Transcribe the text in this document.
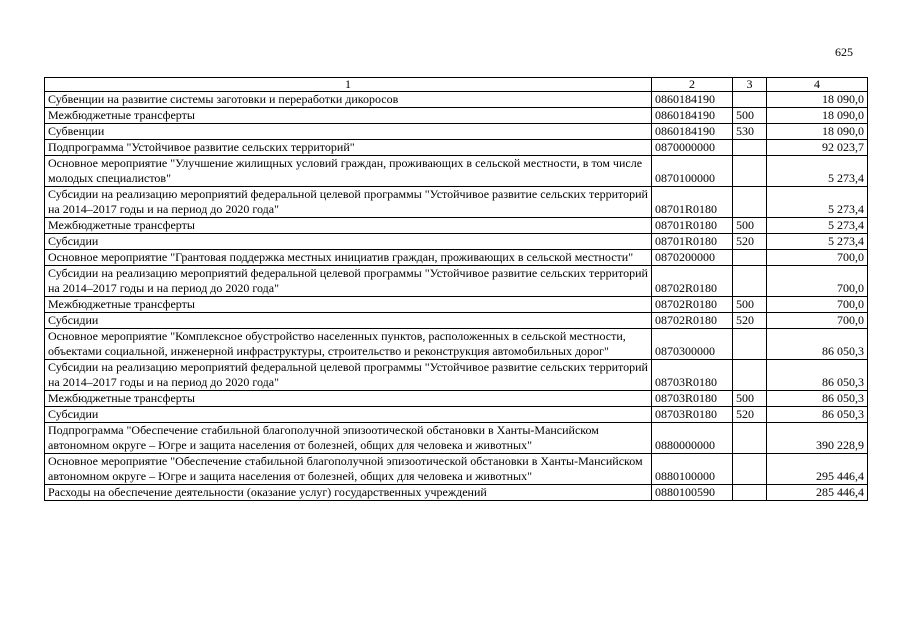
625
1	2	3	4
Субвенции на развитие системы заготовки и переработки дикоросов	0860184190		18 090,0
Межбюджетные трансферты	0860184190	500	18 090,0
Субвенции	0860184190	530	18 090,0
Подпрограмма "Устойчивое развитие сельских территорий"	0870000000		92 023,7
Основное мероприятие "Улучшение жилищных условий граждан, проживающих в сельской местности, в том числе молодых специалистов"	0870100000		5 273,4
Субсидии на реализацию мероприятий федеральной целевой программы "Устойчивое развитие сельских территорий на 2014–2017 годы и на период до 2020 года"	08701R0180		5 273,4
Межбюджетные трансферты	08701R0180	500	5 273,4
Субсидии	08701R0180	520	5 273,4
Основное мероприятие "Грантовая поддержка местных инициатив граждан, проживающих в сельской местности"	0870200000		700,0
Субсидии на реализацию мероприятий федеральной целевой программы "Устойчивое развитие сельских территорий на 2014–2017 годы и на период до 2020 года"	08702R0180		700,0
Межбюджетные трансферты	08702R0180	500	700,0
Субсидии	08702R0180	520	700,0
Основное мероприятие "Комплексное обустройство населенных пунктов, расположенных в сельской местности, объектами социальной, инженерной инфраструктуры, строительство и реконструкция автомобильных дорог"	0870300000		86 050,3
Субсидии на реализацию мероприятий федеральной целевой программы "Устойчивое развитие сельских территорий на 2014–2017 годы и на период до 2020 года"	08703R0180		86 050,3
Межбюджетные трансферты	08703R0180	500	86 050,3
Субсидии	08703R0180	520	86 050,3
Подпрограмма "Обеспечение стабильной благополучной эпизоотической обстановки в Ханты-Мансийском автономном округе – Югре и защита населения от болезней, общих для человека и животных"	0880000000		390 228,9
Основное мероприятие "Обеспечение стабильной благополучной эпизоотической обстановки в Ханты-Мансийском автономном округе – Югре и защита населения от болезней, общих для человека и животных"	0880100000		295 446,4
Расходы на обеспечение деятельности (оказание услуг) государственных учреждений	0880100590		285 446,4
